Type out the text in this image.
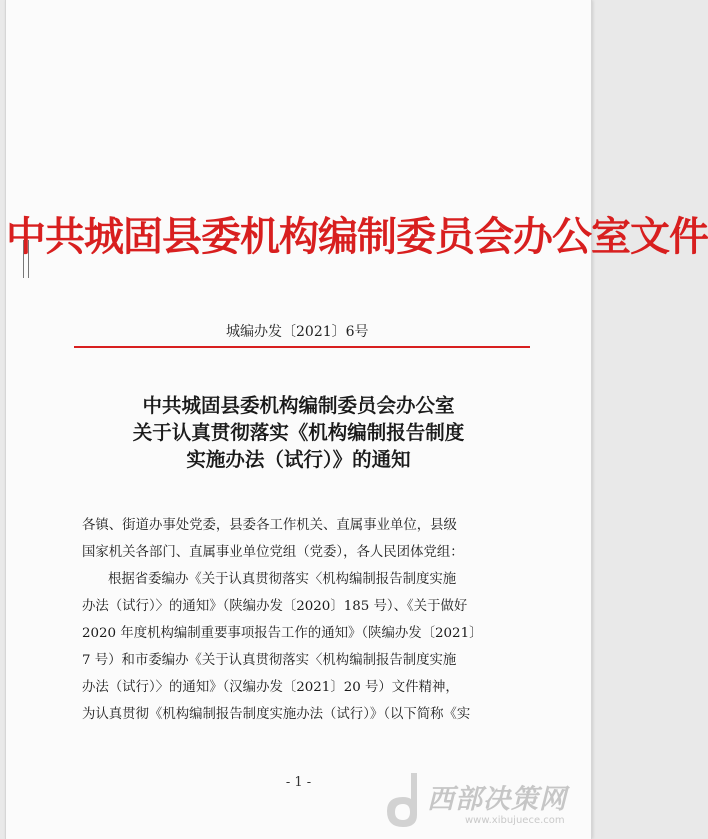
中共城固县委机构编制委员会办公室文件
城编办发〔2021〕6号
中共城固县委机构编制委员会办公室
关于认真贯彻落实《机构编制报告制度
实施办法（试行）》的通知
各镇、街道办事处党委，县委各工作机关、直属事业单位，县级
国家机关各部门、直属事业单位党组（党委），各人民团体党组：
根据省委编办《关于认真贯彻落实〈机构编制报告制度实施
办法（试行）〉的通知》（陕编办发〔2020〕185 号）、《关于做好
2020 年度机构编制重要事项报告工作的通知》（陕编办发〔2021〕
7 号）和市委编办《关于认真贯彻落实〈机构编制报告制度实施
办法（试行）〉的通知》（汉编办发〔2021〕20 号）文件精神，
为认真贯彻《机构编制报告制度实施办法（试行）》（以下简称《实
- 1 -
西部决策网
www.xibujuece.com
